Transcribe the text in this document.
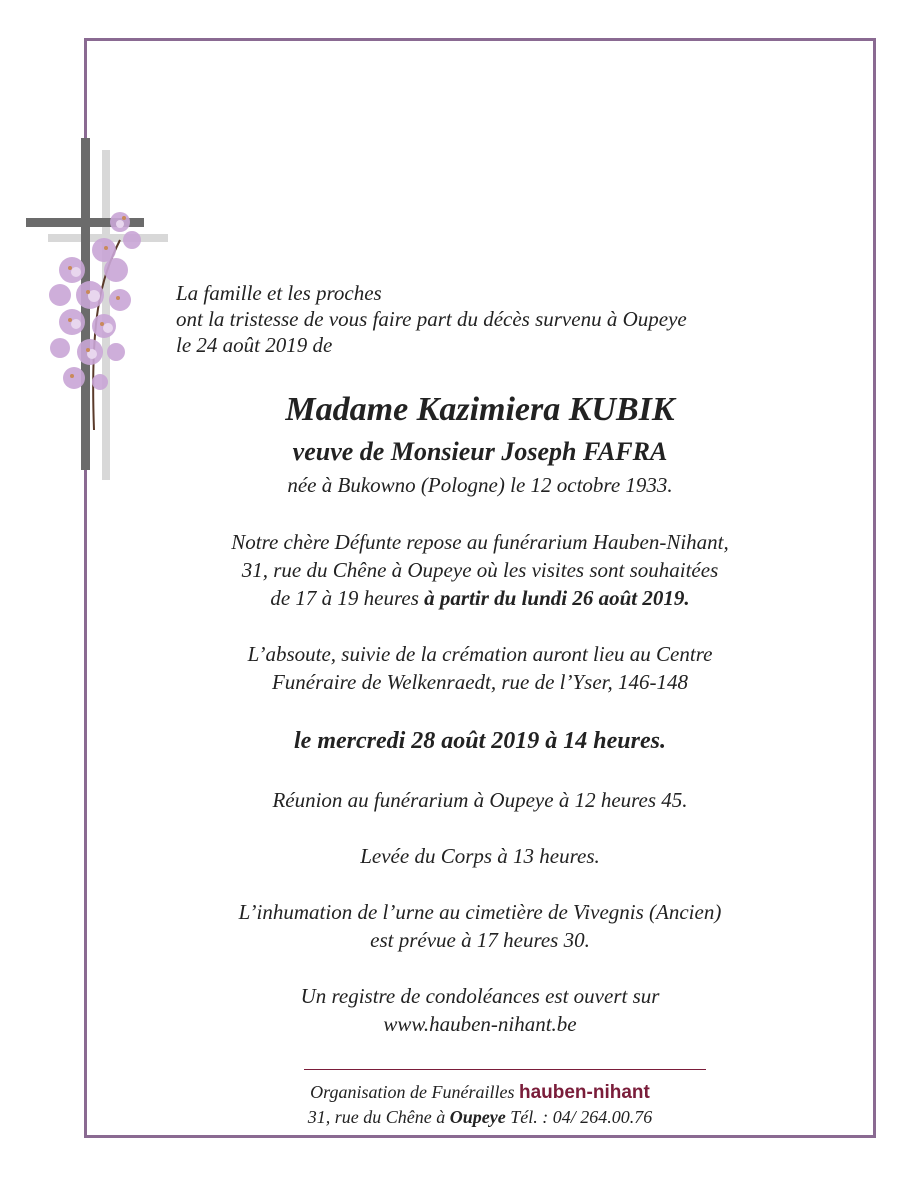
La famille et les proches
ont la tristesse de vous faire part du décès survenu à Oupeye
le 24 août 2019 de
Madame Kazimiera KUBIK
veuve de Monsieur Joseph FAFRA
née à Bukowno (Pologne) le 12 octobre 1933.
Notre chère Défunte repose au funérarium Hauben-Nihant,
31, rue du Chêne à Oupeye où les visites sont souhaitées
de 17 à 19 heures à partir du lundi 26 août 2019.
L’absoute, suivie de la crémation auront lieu au Centre
Funéraire de Welkenraedt, rue de l’Yser, 146-148
le mercredi 28 août 2019 à 14 heures.
Réunion au funérarium à Oupeye à 12 heures 45.
Levée du Corps à 13 heures.
L’inhumation de l’urne au cimetière de Vivegnis (Ancien)
est prévue à 17 heures 30.
Un registre de condoléances est ouvert sur
www.hauben-nihant.be
Organisation de Funérailles hauben-nihant
31, rue du Chêne à Oupeye Tél. : 04/ 264.00.76
